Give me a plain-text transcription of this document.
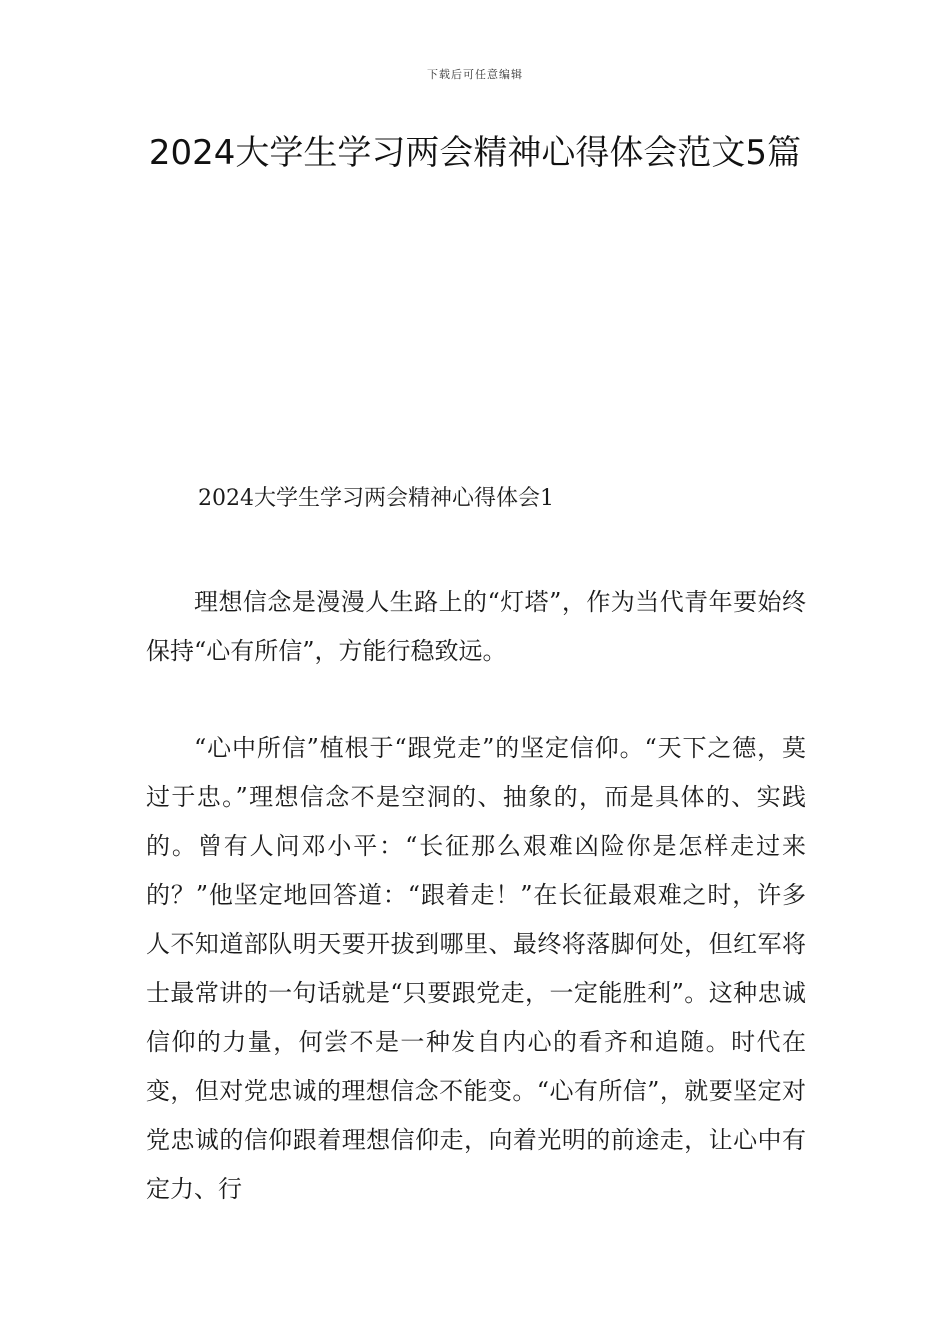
下载后可任意编辑
2024大学生学习两会精神心得体会范文5篇
2024大学生学习两会精神心得体会1

理想信念是漫漫人生路上的“灯塔”，作为当代青年要始终保持“心有所信”，方能行稳致远。

“心中所信”植根于“跟党走”的坚定信仰。“天下之德，莫过于忠。”理想信念不是空洞的、抽象的，而是具体的、实践的。曾有人问邓小平：“长征那么艰难凶险你是怎样走过来的？”他坚定地回答道：“跟着走！”在长征最艰难之时，许多人不知道部队明天要开拔到哪里、最终将落脚何处，但红军将士最常讲的一句话就是“只要跟党走，一定能胜利”。这种忠诚信仰的力量，何尝不是一种发自内心的看齐和追随。时代在变，但对党忠诚的理想信念不能变。“心有所信”，就要坚定对党忠诚的信仰跟着理想信仰走，向着光明的前途走，让心中有定力、行
